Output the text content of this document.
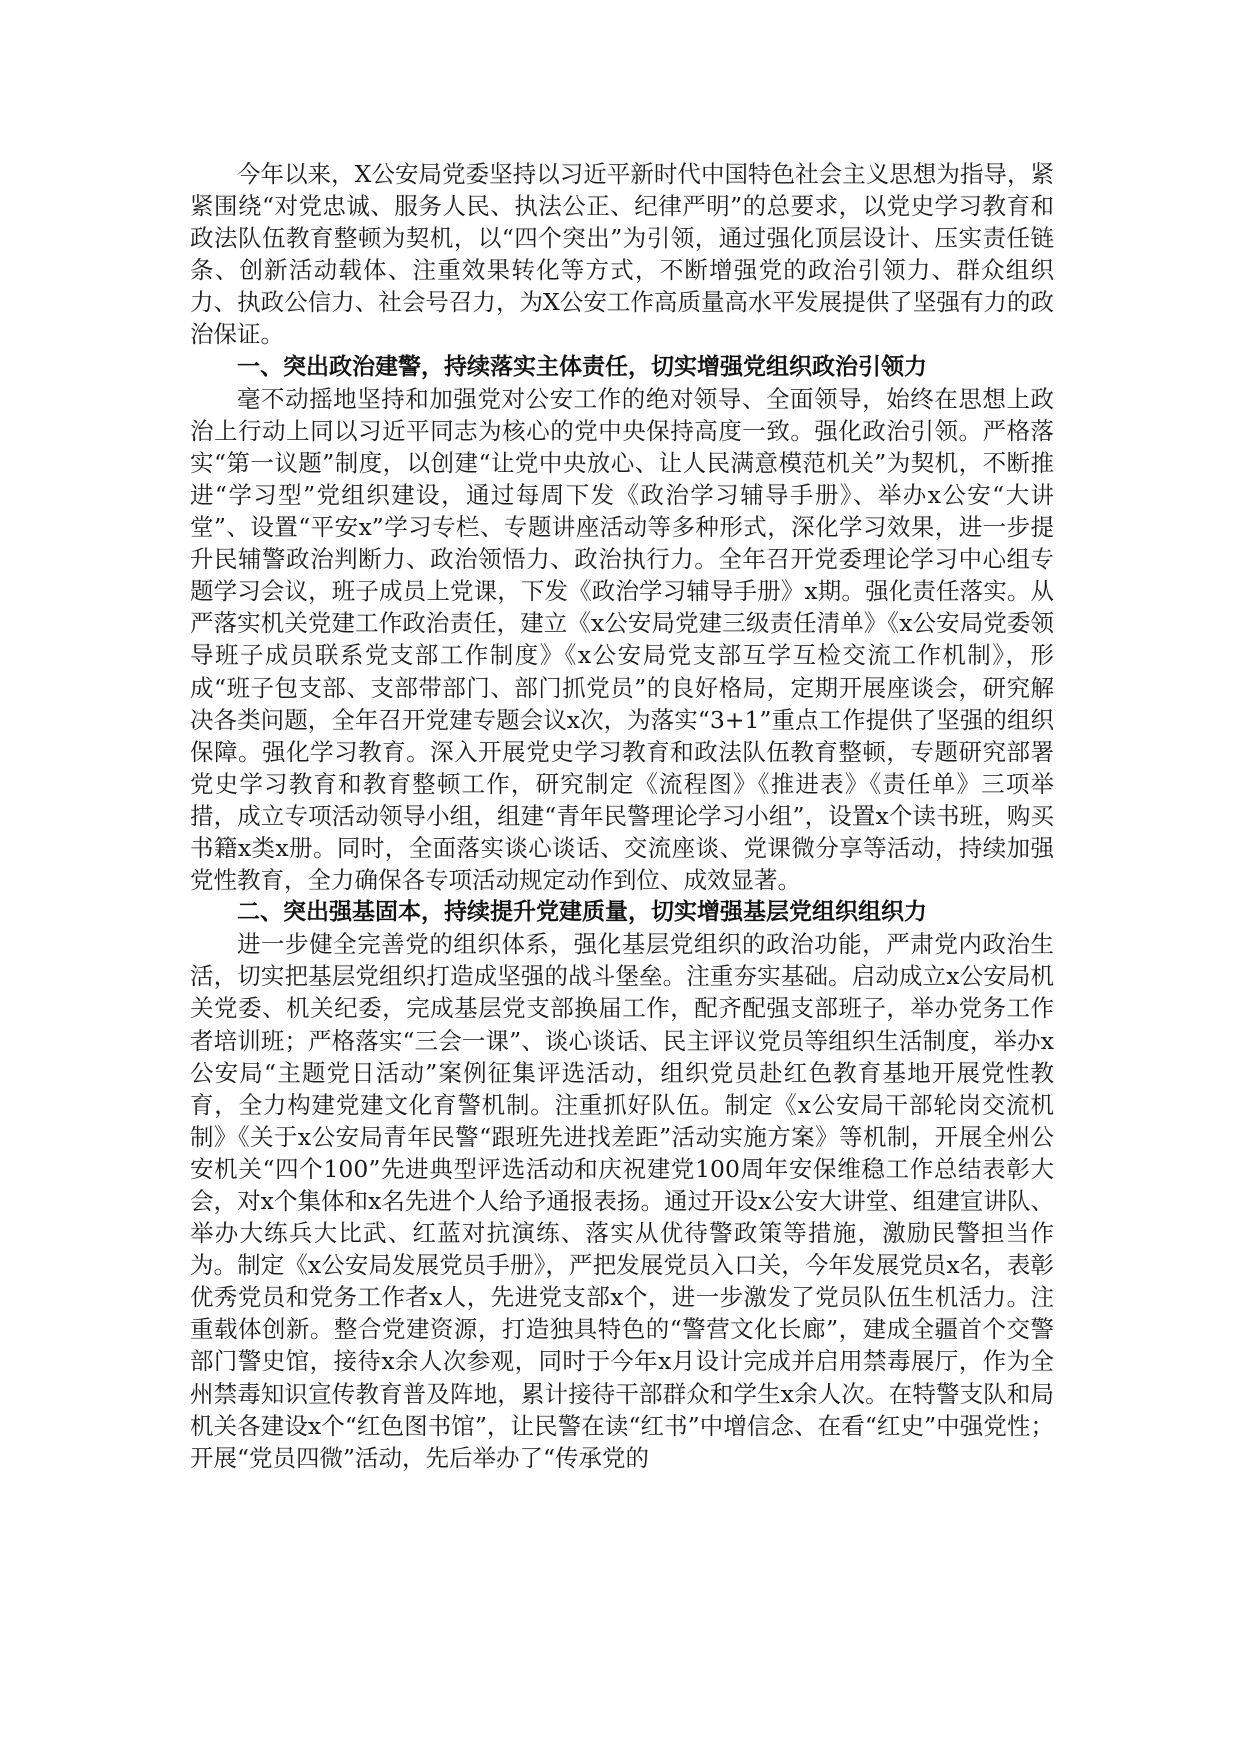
今年以来，X公安局党委坚持以习近平新时代中国特色社会主义思想为指导，紧紧围绕“对党忠诚、服务人民、执法公正、纪律严明”的总要求，以党史学习教育和政法队伍教育整顿为契机，以“四个突出”为引领，通过强化顶层设计、压实责任链条、创新活动载体、注重效果转化等方式，不断增强党的政治引领力、群众组织力、执政公信力、社会号召力，为X公安工作高质量高水平发展提供了坚强有力的政治保证。

一、突出政治建警，持续落实主体责任，切实增强党组织政治引领力

毫不动摇地坚持和加强党对公安工作的绝对领导、全面领导，始终在思想上政治上行动上同以习近平同志为核心的党中央保持高度一致。强化政治引领。严格落实“第一议题”制度，以创建“让党中央放心、让人民满意模范机关”为契机，不断推进“学习型”党组织建设，通过每周下发《政治学习辅导手册》、举办x公安“大讲堂”、设置“平安x”学习专栏、专题讲座活动等多种形式，深化学习效果，进一步提升民辅警政治判断力、政治领悟力、政治执行力。全年召开党委理论学习中心组专题学习会议，班子成员上党课，下发《政治学习辅导手册》x期。强化责任落实。从严落实机关党建工作政治责任，建立《x公安局党建三级责任清单》《x公安局党委领导班子成员联系党支部工作制度》《x公安局党支部互学互检交流工作机制》，形成“班子包支部、支部带部门、部门抓党员”的良好格局，定期开展座谈会，研究解决各类问题，全年召开党建专题会议x次，为落实“3+1”重点工作提供了坚强的组织保障。强化学习教育。深入开展党史学习教育和政法队伍教育整顿，专题研究部署党史学习教育和教育整顿工作，研究制定《流程图》《推进表》《责任单》三项举措，成立专项活动领导小组，组建“青年民警理论学习小组”，设置x个读书班，购买书籍x类x册。同时，全面落实谈心谈话、交流座谈、党课微分享等活动，持续加强党性教育，全力确保各专项活动规定动作到位、成效显著。

二、突出强基固本，持续提升党建质量，切实增强基层党组织组织力

进一步健全完善党的组织体系，强化基层党组织的政治功能，严肃党内政治生活，切实把基层党组织打造成坚强的战斗堡垒。注重夯实基础。启动成立x公安局机关党委、机关纪委，完成基层党支部换届工作，配齐配强支部班子，举办党务工作者培训班；严格落实“三会一课”、谈心谈话、民主评议党员等组织生活制度，举办x公安局“主题党日活动”案例征集评选活动，组织党员赴红色教育基地开展党性教育，全力构建党建文化育警机制。注重抓好队伍。制定《x公安局干部轮岗交流机制》《关于x公安局青年民警“跟班先进找差距”活动实施方案》等机制，开展全州公安机关“四个100”先进典型评选活动和庆祝建党100周年安保维稳工作总结表彰大会，对x个集体和x名先进个人给予通报表扬。通过开设x公安大讲堂、组建宣讲队、举办大练兵大比武、红蓝对抗演练、落实从优待警政策等措施，激励民警担当作为。制定《x公安局发展党员手册》，严把发展党员入口关，今年发展党员x名，表彰优秀党员和党务工作者x人，先进党支部x个，进一步激发了党员队伍生机活力。注重载体创新。整合党建资源，打造独具特色的“警营文化长廊”，建成全疆首个交警部门警史馆，接待x余人次参观，同时于今年x月设计完成并启用禁毒展厅，作为全州禁毒知识宣传教育普及阵地，累计接待干部群众和学生x余人次。在特警支队和局机关各建设x个“红色图书馆”，让民警在读“红书”中增信念、在看“红史”中强党性；开展“党员四微”活动，先后举办了“传承党的
